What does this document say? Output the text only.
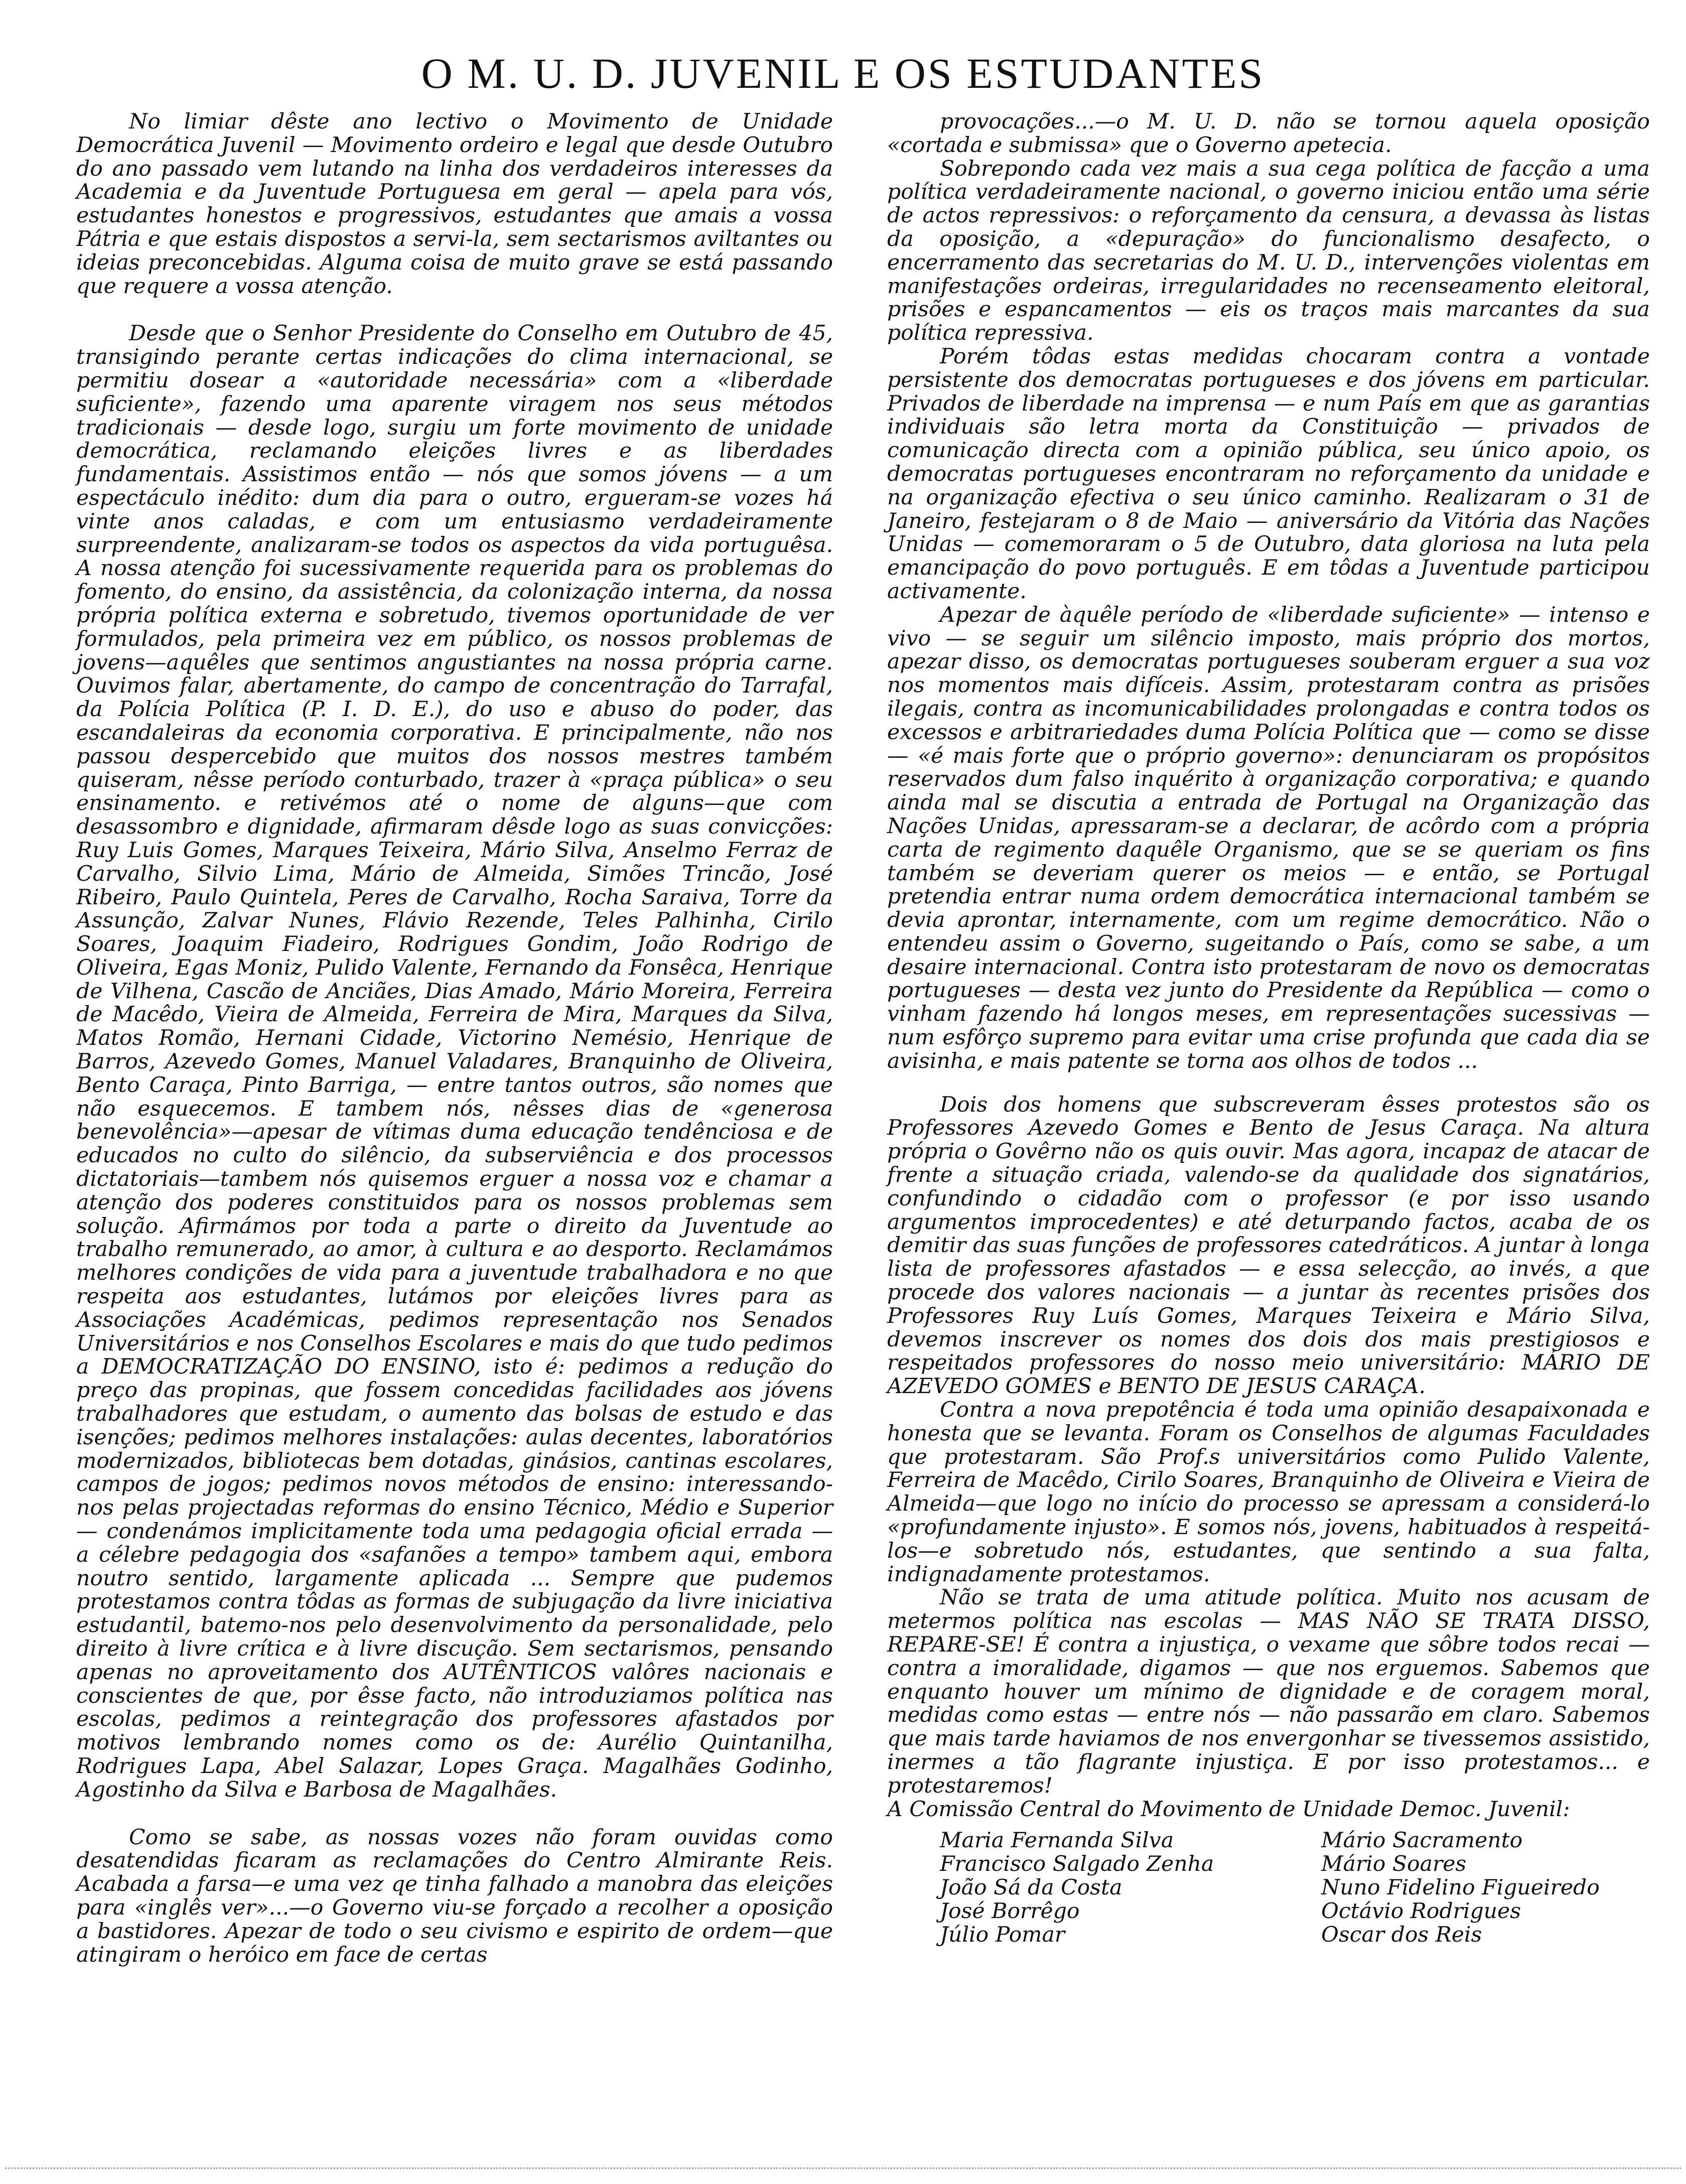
O M. U. D. JUVENIL E OS ESTUDANTES

No limiar dêste ano lectivo o Movimento de Unidade Democrática Juvenil — Movimento ordeiro e legal que desde Outubro do ano passado vem lutando na linha dos verdadeiros interesses da Academia e da Juventude Portuguesa em geral — apela para vós, estudantes honestos e progressivos, estudantes que amais a vossa Pátria e que estais dispostos a servi-la, sem sectarismos aviltantes ou ideias preconcebidas. Alguma coisa de muito grave se está passando que requere a vossa atenção.

Desde que o Senhor Presidente do Conselho em Outubro de 45, transigindo perante certas indicações do clima internacional, se permitiu dosear a «autoridade necessária» com a «liberdade suficiente», fazendo uma aparente viragem nos seus métodos tradicionais — desde logo, surgiu um forte movimento de unidade democrática, reclamando eleições livres e as liberdades fundamentais. Assistimos então — nós que somos jóvens — a um espectáculo inédito: dum dia para o outro, ergueram-se vozes há vinte anos caladas, e com um entusiasmo verdadeiramente surpreendente, analizaram-se todos os aspectos da vida portuguêsa. A nossa atenção foi sucessivamente requerida para os problemas do fomento, do ensino, da assistência, da colonização interna, da nossa própria política externa e sobretudo, tivemos oportunidade de ver formulados, pela primeira vez em público, os nossos problemas de jovens—aquêles que sentimos angustiantes na nossa própria carne. Ouvimos falar, abertamente, do campo de concentração do Tarrafal, da Polícia Política (P. I. D. E.), do uso e abuso do poder, das escandaleiras da economia corporativa. E principalmente, não nos passou despercebido que muitos dos nossos mestres também quiseram, nêsse período conturbado, trazer à «praça pública» o seu ensinamento. e retivémos até o nome de alguns—que com desassombro e dignidade, afirmaram dêsde logo as suas convicções: Ruy Luis Gomes, Marques Teixeira, Mário Silva, Anselmo Ferraz de Carvalho, Silvio Lima, Mário de Almeida, Simões Trincão, José Ribeiro, Paulo Quintela, Peres de Carvalho, Rocha Saraiva, Torre da Assunção, Zalvar Nunes, Flávio Rezende, Teles Palhinha, Cirilo Soares, Joaquim Fiadeiro, Rodrigues Gondim, João Rodrigo de Oliveira, Egas Moniz, Pulido Valente, Fernando da Fonsêca, Henrique de Vilhena, Cascão de Anciães, Dias Amado, Mário Moreira, Ferreira de Macêdo, Vieira de Almeida, Ferreira de Mira, Marques da Silva, Matos Romão, Hernani Cidade, Victorino Nemésio, Henrique de Barros, Azevedo Gomes, Manuel Valadares, Branquinho de Oliveira, Bento Caraça, Pinto Barriga, — entre tantos outros, são nomes que não esquecemos. E tambem nós, nêsses dias de «generosa benevolência»—apesar de vítimas duma educação tendênciosa e de educados no culto do silêncio, da subserviência e dos processos dictatoriais—tambem nós quisemos erguer a nossa voz e chamar a atenção dos poderes constituidos para os nossos problemas sem solução. Afirmámos por toda a parte o direito da Juventude ao trabalho remunerado, ao amor, à cultura e ao desporto. Reclamámos melhores condições de vida para a juventude trabalhadora e no que respeita aos estudantes, lutámos por eleições livres para as Associações Académicas, pedimos representação nos Senados Universitários e nos Conselhos Escolares e mais do que tudo pedimos a DEMOCRATIZAÇÃO DO ENSINO, isto é: pedimos a redução do preço das propinas, que fossem concedidas facilidades aos jóvens trabalhadores que estudam, o aumento das bolsas de estudo e das isenções; pedimos melhores instalações: aulas decentes, laboratórios modernizados, bibliotecas bem dotadas, ginásios, cantinas escolares, campos de jogos; pedimos novos métodos de ensino: interessando-nos pelas projectadas reformas do ensino Técnico, Médio e Superior — condenámos implicitamente toda uma pedagogia oficial errada — a célebre pedagogia dos «safanões a tempo» tambem aqui, embora noutro sentido, largamente aplicada ... Sempre que pudemos protestamos contra tôdas as formas de subjugação da livre iniciativa estudantil, batemo-nos pelo desenvolvimento da personalidade, pelo direito à livre crítica e à livre discução. Sem sectarismos, pensando apenas no aproveitamento dos AUTÊNTICOS valôres nacionais e conscientes de que, por êsse facto, não introduziamos política nas escolas, pedimos a reintegração dos professores afastados por motivos lembrando nomes como os de: Aurélio Quintanilha, Rodrigues Lapa, Abel Salazar, Lopes Graça. Magalhães Godinho, Agostinho da Silva e Barbosa de Magalhães.

Como se sabe, as nossas vozes não foram ouvidas como desatendidas ficaram as reclamações do Centro Almirante Reis. Acabada a farsa—e uma vez qe tinha falhado a manobra das eleições para «inglês ver»...—o Governo viu-se forçado a recolher a oposição a bastidores. Apezar de todo o seu civismo e espirito de ordem—que atingiram o heróico em face de certas

provocações...—o M. U. D. não se tornou aquela oposição «cortada e submissa» que o Governo apetecia.

Sobrepondo cada vez mais a sua cega política de facção a uma política verdadeiramente nacional, o governo iniciou então uma série de actos repressivos: o reforçamento da censura, a devassa às listas da oposição, a «depuração» do funcionalismo desafecto, o encerramento das secretarias do M. U. D., intervenções violentas em manifestações ordeiras, irregularidades no recenseamento eleitoral, prisões e espancamentos — eis os traços mais marcantes da sua política repressiva.

Porém tôdas estas medidas chocaram contra a vontade persistente dos democratas portugueses e dos jóvens em particular. Privados de liberdade na imprensa — e num País em que as garantias individuais são letra morta da Constituição — privados de comunicação directa com a opinião pública, seu único apoio, os democratas portugueses encontraram no reforçamento da unidade e na organização efectiva o seu único caminho. Realizaram o 31 de Janeiro, festejaram o 8 de Maio — aniversário da Vitória das Nações Unidas — comemoraram o 5 de Outubro, data gloriosa na luta pela emancipação do povo português. E em tôdas a Juventude participou activamente.

Apezar de àquêle período de «liberdade suficiente» — intenso e vivo — se seguir um silêncio imposto, mais próprio dos mortos, apezar disso, os democratas portugueses souberam erguer a sua voz nos momentos mais difíceis. Assim, protestaram contra as prisões ilegais, contra as incomunicabilidades prolongadas e contra todos os excessos e arbitrariedades duma Polícia Política que — como se disse — «é mais forte que o próprio governo»: denunciaram os propósitos reservados dum falso inquérito à organização corporativa; e quando ainda mal se discutia a entrada de Portugal na Organização das Nações Unidas, apressaram-se a declarar, de acôrdo com a própria carta de regimento daquêle Organismo, que se se queriam os fins também se deveriam querer os meios — e então, se Portugal pretendia entrar numa ordem democrática internacional também se devia aprontar, internamente, com um regime democrático. Não o entendeu assim o Governo, sugeitando o País, como se sabe, a um desaire internacional. Contra isto protestaram de novo os democratas portugueses — desta vez junto do Presidente da República — como o vinham fazendo há longos meses, em representações sucessivas — num esfôrço supremo para evitar uma crise profunda que cada dia se avisinha, e mais patente se torna aos olhos de todos ...

Dois dos homens que subscreveram êsses protestos são os Professores Azevedo Gomes e Bento de Jesus Caraça. Na altura própria o Govêrno não os quis ouvir. Mas agora, incapaz de atacar de frente a situação criada, valendo-se da qualidade dos signatários, confundindo o cidadão com o professor (e por isso usando argumentos improcedentes) e até deturpando factos, acaba de os demitir das suas funções de professores catedráticos. A juntar à longa lista de professores afastados — e essa selecção, ao invés, a que procede dos valores nacionais — a juntar às recentes prisões dos Professores Ruy Luís Gomes, Marques Teixeira e Mário Silva, devemos inscrever os nomes dos dois dos mais prestigiosos e respeitados professores do nosso meio universitário: MÁRIO DE AZEVEDO GOMES e BENTO DE JESUS CARAÇA.

Contra a nova prepotência é toda uma opinião desapaixonada e honesta que se levanta. Foram os Conselhos de algumas Faculdades que protestaram. São Prof.s universitários como Pulido Valente, Ferreira de Macêdo, Cirilo Soares, Branquinho de Oliveira e Vieira de Almeida—que logo no início do processo se apressam a considerá-lo «profundamente injusto». E somos nós, jovens, habituados à respeitá-los—e sobretudo nós, estudantes, que sentindo a sua falta, indignadamente protestamos.

Não se trata de uma atitude política. Muito nos acusam de metermos política nas escolas — MAS NÃO SE TRATA DISSO, REPARE-SE! É contra a injustiça, o vexame que sôbre todos recai — contra a imoralidade, digamos — que nos erguemos. Sabemos que enquanto houver um mínimo de dignidade e de coragem moral, medidas como estas — entre nós — não passarão em claro. Sabemos que mais tarde haviamos de nos envergonhar se tivessemos assistido, inermes a tão flagrante injustiça. E por isso protestamos... e protestaremos!

A Comissão Central do Movimento de Unidade Democ. Juvenil:

Maria Fernanda Silva
Francisco Salgado Zenha
João Sá da Costa
José Borrêgo
Júlio Pomar
Mário Sacramento
Mário Soares
Nuno Fidelino Figueiredo
Octávio Rodrigues
Oscar dos Reis
